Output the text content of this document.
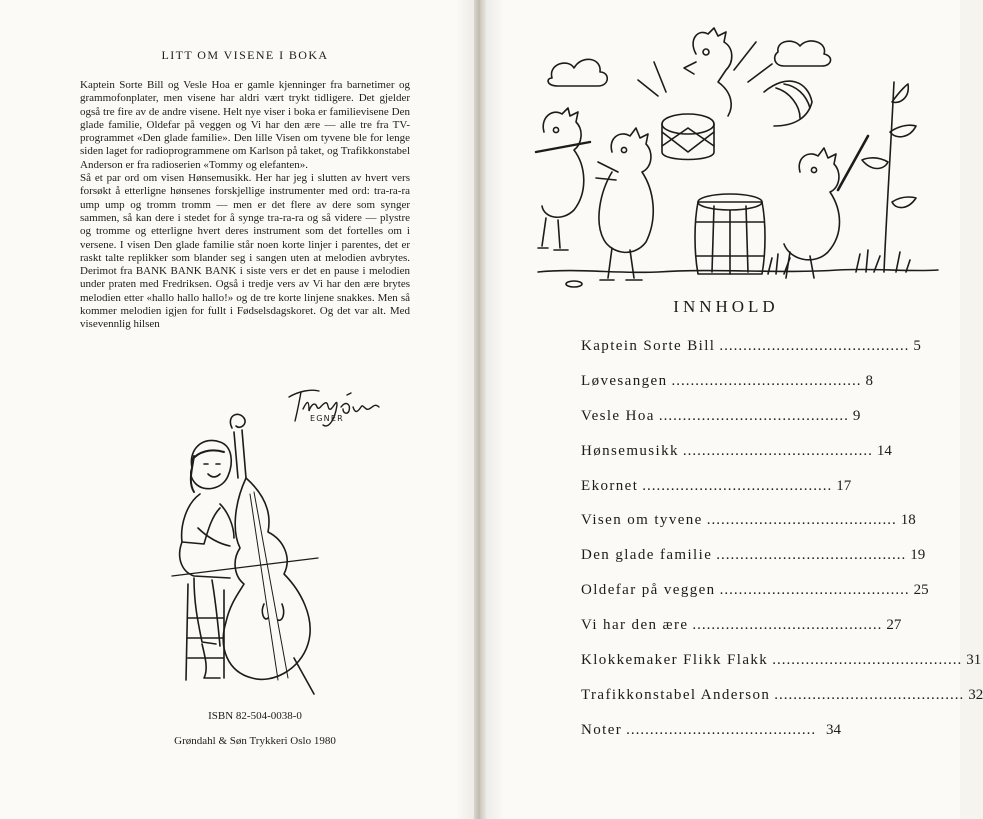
LITT OM VISENE I BOKA

Kaptein Sorte Bill og Vesle Hoa er gamle kjenninger fra barnetimer og grammofonplater, men visene har aldri vært trykt tidligere. Det gjelder også tre fire av de andre visene. Helt nye viser i boka er familievisene Den glade familie, Oldefar på veggen og Vi har den ære — alle tre fra TV-programmet «Den glade familie». Den lille Visen om tyvene ble for lenge siden laget for radioprogrammene om Karlson på taket, og Trafikkonstabel Anderson er fra radioserien «Tommy og elefanten».

Så et par ord om visen Hønsemusikk. Her har jeg i slutten av hvert vers forsøkt å etterligne hønsenes forskjellige instrumenter med ord: tra-ra-ra ump ump og tromm tromm — men er det flere av dere som synger sammen, så kan dere i stedet for å synge tra-ra-ra og så videre — plystre og tromme og etterligne hvert deres instrument som det fortelles om i versene. I visen Den glade familie står noen korte linjer i parentes, det er raskt talte replikker som blander seg i sangen uten at melodien avbrytes. Derimot fra BANK BANK BANK i siste vers er det en pause i melodien under praten med Fredriksen. Også i tredje vers av Vi har den ære brytes melodien etter «hallo hallo hallo!» og de tre korte linjene snakkes. Men så kommer melodien igjen for fullt i Fødselsdagskoret. Og det var alt. Med visevennlig hilsen

EGNER
ISBN 82-504-0038-0
Grøndahl & Søn Trykkeri Oslo 1980
INNHOLD
Kaptein Sorte Bill ........................................ 5
Løvesangen ........................................ 8
Vesle Hoa ........................................ 9
Hønsemusikk ........................................ 14
Ekornet ........................................ 17
Visen om tyvene ........................................ 18
Den glade familie ........................................ 19
Oldefar på veggen ........................................ 25
Vi har den ære ........................................ 27
Klokkemaker Flikk Flakk ........................................ 31
Trafikkonstabel Anderson ........................................ 32
Noter ........................................ 34
